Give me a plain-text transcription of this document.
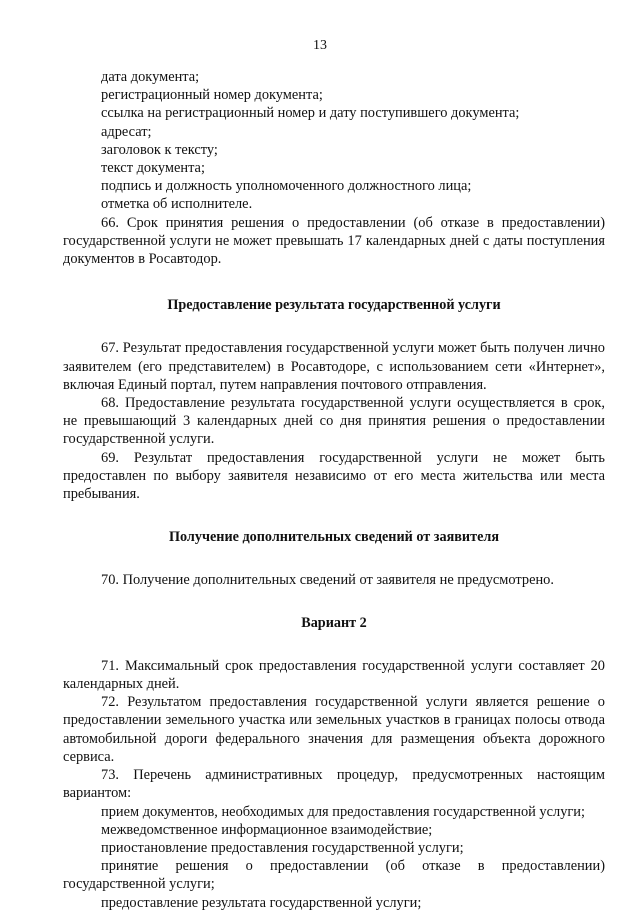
13

дата документа;

регистрационный номер документа;

ссылка на регистрационный номер и дату поступившего документа;

адресат;

заголовок к тексту;

текст документа;

подпись и должность уполномоченного должностного лица;

отметка об исполнителе.

66. Срок принятия решения о предоставлении (об отказе в предоставлении) государственной услуги не может превышать 17 календарных дней с даты поступления документов в Росавтодор.

Предоставление результата государственной услуги

67. Результат предоставления государственной услуги может быть получен лично заявителем (его представителем) в Росавтодоре, с использованием сети «Интернет», включая Единый портал, путем направления почтового отправления.

68. Предоставление результата государственной услуги осуществляется в срок, не превышающий 3 календарных дней со дня принятия решения о предоставлении государственной услуги.

69. Результат предоставления государственной услуги не может быть предоставлен по выбору заявителя независимо от его места жительства или места пребывания.

Получение дополнительных сведений от заявителя

70. Получение дополнительных сведений от заявителя не предусмотрено.

Вариант 2

71. Максимальный срок предоставления государственной услуги составляет 20 календарных дней.

72. Результатом предоставления государственной услуги является решение о предоставлении земельного участка или земельных участков в границах полосы отвода автомобильной дороги федерального значения для размещения объекта дорожного сервиса.

73. Перечень административных процедур, предусмотренных настоящим вариантом:

прием документов, необходимых для предоставления государственной услуги;

межведомственное информационное взаимодействие;

приостановление предоставления государственной услуги;

принятие решения о предоставлении (об отказе в предоставлении) государственной услуги;

предоставление результата государственной услуги;
